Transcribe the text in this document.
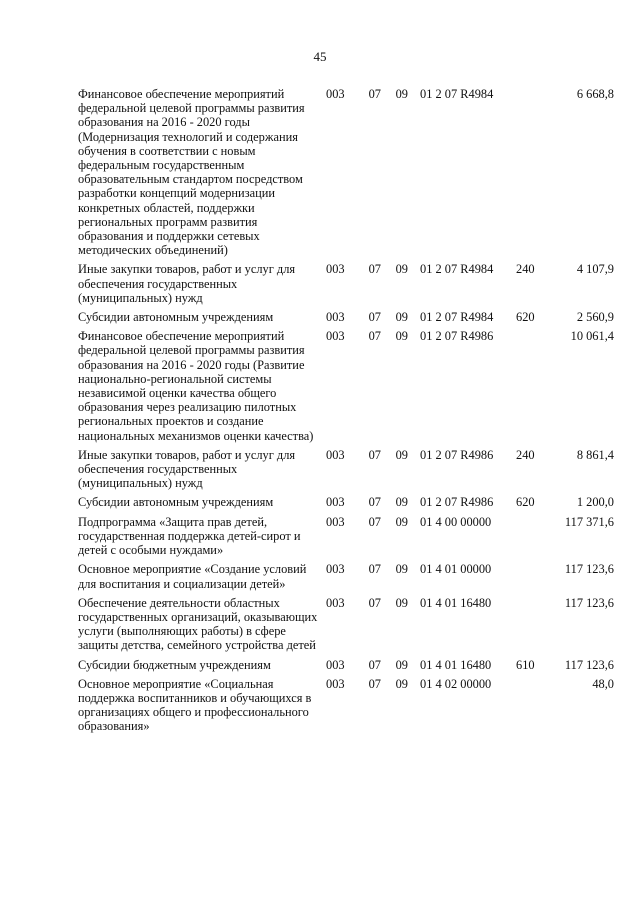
45
Финансовое обеспечение мероприятий федеральной целевой программы развития образования на 2016 - 2020 годы (Модернизация технологий и содержания обучения в соответствии с новым федеральным государственным образовательным стандартом посредством разработки концепций модернизации конкретных областей, поддержки региональных программ развития образования и поддержки сетевых методических объединений)	003	07	09	01 2 07 R4984		6 668,8
Иные закупки товаров, работ и услуг для обеспечения государственных (муниципальных) нужд	003	07	09	01 2 07 R4984	240	4 107,9
Субсидии автономным учреждениям	003	07	09	01 2 07 R4984	620	2 560,9
Финансовое обеспечение мероприятий федеральной целевой программы развития образования на 2016 - 2020 годы (Развитие национально-региональной системы независимой оценки качества общего образования через реализацию пилотных региональных проектов и создание национальных механизмов оценки качества)	003	07	09	01 2 07 R4986		10 061,4
Иные закупки товаров, работ и услуг для обеспечения государственных (муниципальных) нужд	003	07	09	01 2 07 R4986	240	8 861,4
Субсидии автономным учреждениям	003	07	09	01 2 07 R4986	620	1 200,0
Подпрограмма «Защита прав детей, государственная поддержка детей-сирот и детей с особыми нуждами»	003	07	09	01 4 00 00000		117 371,6
Основное мероприятие «Создание условий для воспитания и социализации детей»	003	07	09	01 4 01 00000		117 123,6
Обеспечение деятельности областных государственных организаций, оказывающих услуги (выполняющих работы) в сфере защиты детства, семейного устройства детей	003	07	09	01 4 01 16480		117 123,6
Субсидии бюджетным учреждениям	003	07	09	01 4 01 16480	610	117 123,6
Основное мероприятие «Социальная поддержка воспитанников и обучающихся в организациях общего и профессионального образования»	003	07	09	01 4 02 00000		48,0
